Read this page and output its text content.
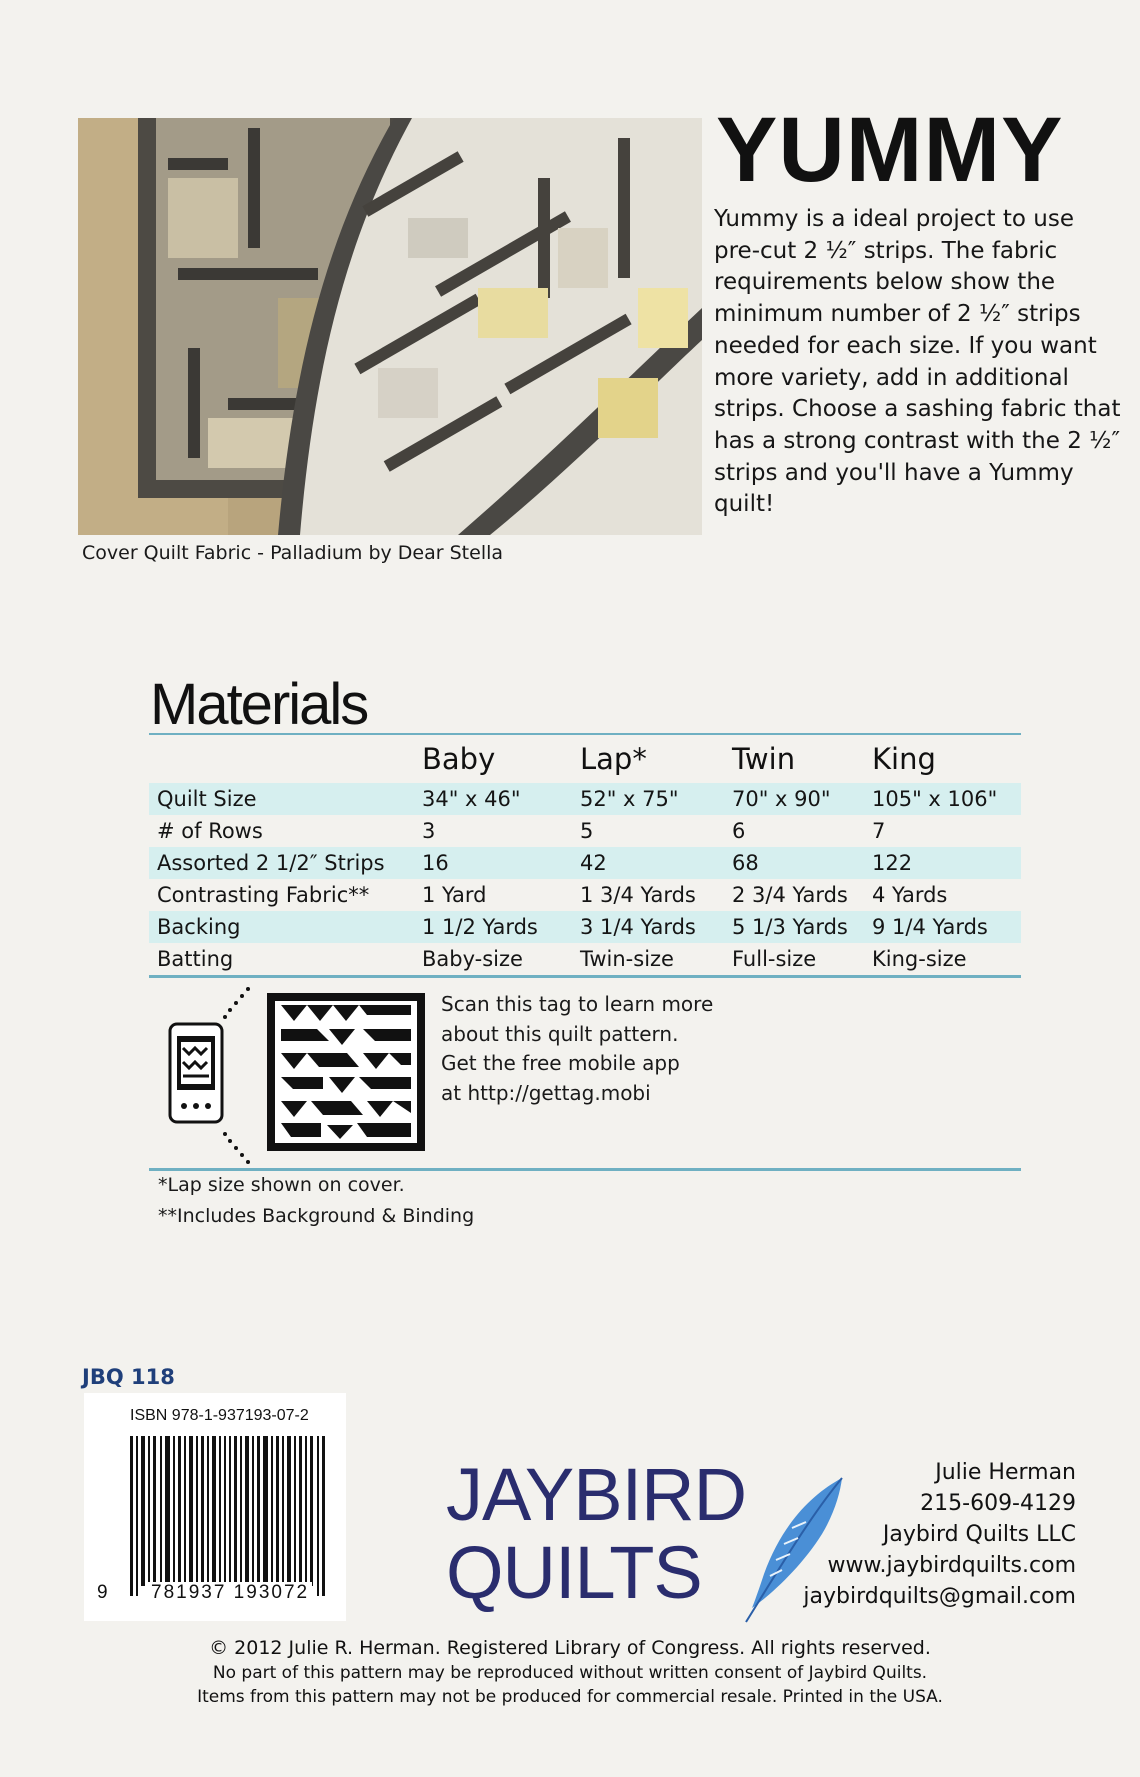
YUMMY
Yummy is a ideal project to use pre-cut 2 ½″ strips. The fabric requirements below show the minimum number of 2 ½″ strips needed for each size. If you want more variety, add in additional strips. Choose a sashing fabric that has a strong contrast with the 2 ½″ strips and you'll have a Yummy quilt!
Cover Quilt Fabric - Palladium by Dear Stella
Materials
	Baby	Lap*	Twin	King
Quilt Size	34" x 46"	52" x 75"	70" x 90"	105" x 106"
# of Rows	3	5	6	7
Assorted 2 1/2″ Strips	16	42	68	122
Contrasting Fabric**	1 Yard	1 3/4 Yards	2 3/4 Yards	4 Yards
Backing	1 1/2 Yards	3 1/4 Yards	5 1/3 Yards	9 1/4 Yards
Batting	Baby-size	Twin-size	Full-size	King-size
Scan this tag to learn more
about this quilt pattern.
Get the free mobile app
at http://gettag.mobi
*Lap size shown on cover.
**Includes Background & Binding
JBQ 118
ISBN 978-1-937193-07-2
9 781937 193072
JAYBIRD
QUILTS
Julie Herman
215-609-4129
Jaybird Quilts LLC
www.jaybirdquilts.com
jaybirdquilts@gmail.com
© 2012 Julie R. Herman. Registered Library of Congress. All rights reserved.
No part of this pattern may be reproduced without written consent of Jaybird Quilts.
Items from this pattern may not be produced for commercial resale. Printed in the USA.
